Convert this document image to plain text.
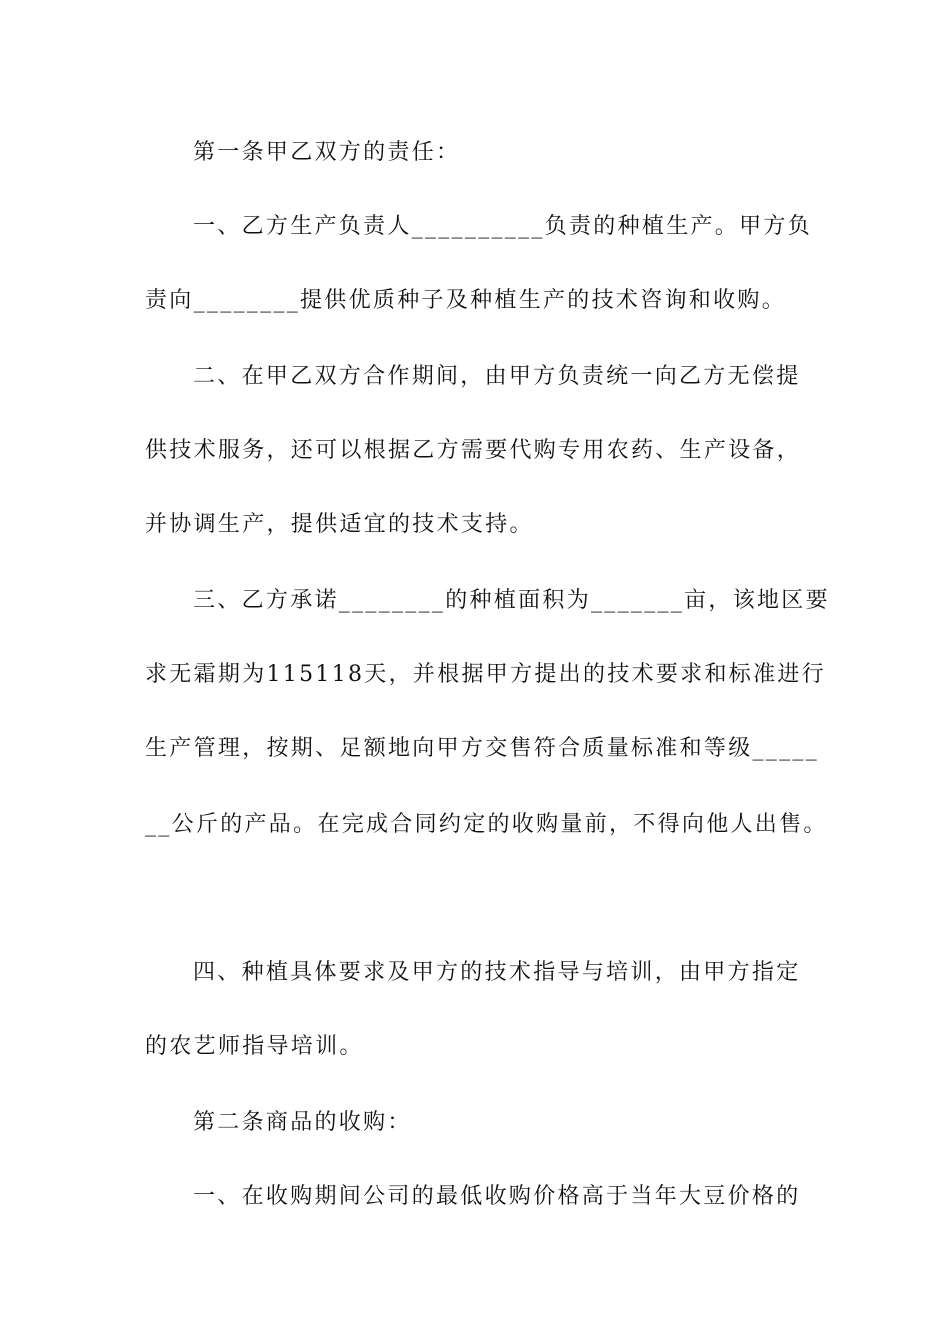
第一条甲乙双方的责任：
一、乙方生产负责人__________负责的种植生产。甲方负
责向________提供优质种子及种植生产的技术咨询和收购。
二、在甲乙双方合作期间，由甲方负责统一向乙方无偿提
供技术服务，还可以根据乙方需要代购专用农药、生产设备，
并协调生产，提供适宜的技术支持。
三、乙方承诺________的种植面积为_______亩，该地区要
求无霜期为115118天，并根据甲方提出的技术要求和标准进行
生产管理，按期、足额地向甲方交售符合质量标准和等级_____
__公斤的产品。在完成合同约定的收购量前，不得向他人出售。
四、种植具体要求及甲方的技术指导与培训，由甲方指定
的农艺师指导培训。
第二条商品的收购：
一、在收购期间公司的最低收购价格高于当年大豆价格的
